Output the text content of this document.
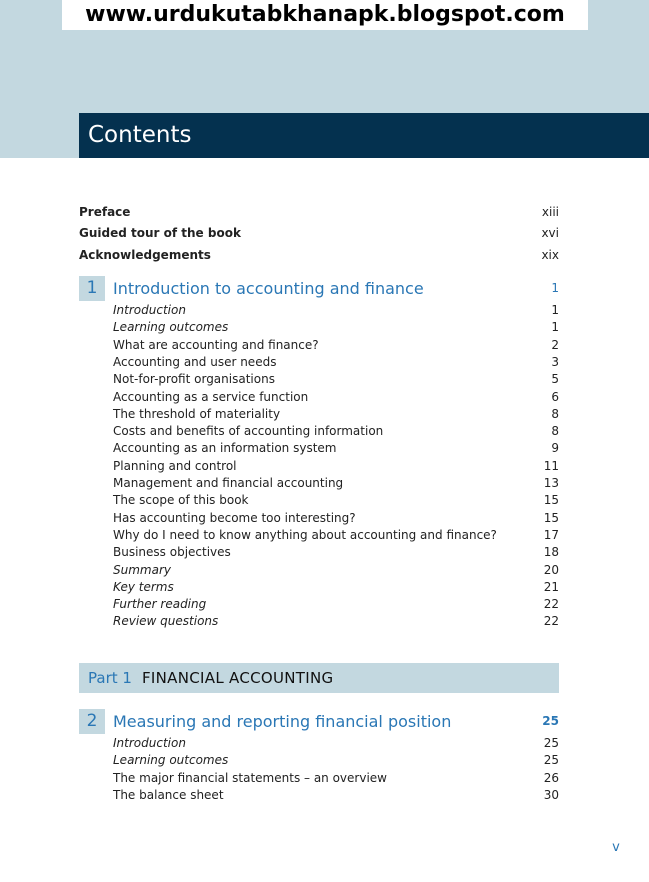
www.urdukutabkhanapk.blogspot.com
Contents
Preface	xiii
Guided tour of the book	xvi
Acknowledgements	xix
1 Introduction to accounting and finance	1
Introduction	1
Learning outcomes	1
What are accounting and finance?	2
Accounting and user needs	3
Not-for-profit organisations	5
Accounting as a service function	6
The threshold of materiality	8
Costs and benefits of accounting information	8
Accounting as an information system	9
Planning and control	11
Management and financial accounting	13
The scope of this book	15
Has accounting become too interesting?	15
Why do I need to know anything about accounting and finance?	17
Business objectives	18
Summary	20
Key terms	21
Further reading	22
Review questions	22
Part 1 FINANCIAL ACCOUNTING
2 Measuring and reporting financial position	25
Introduction	25
Learning outcomes	25
The major financial statements – an overview	26
The balance sheet	30
v
